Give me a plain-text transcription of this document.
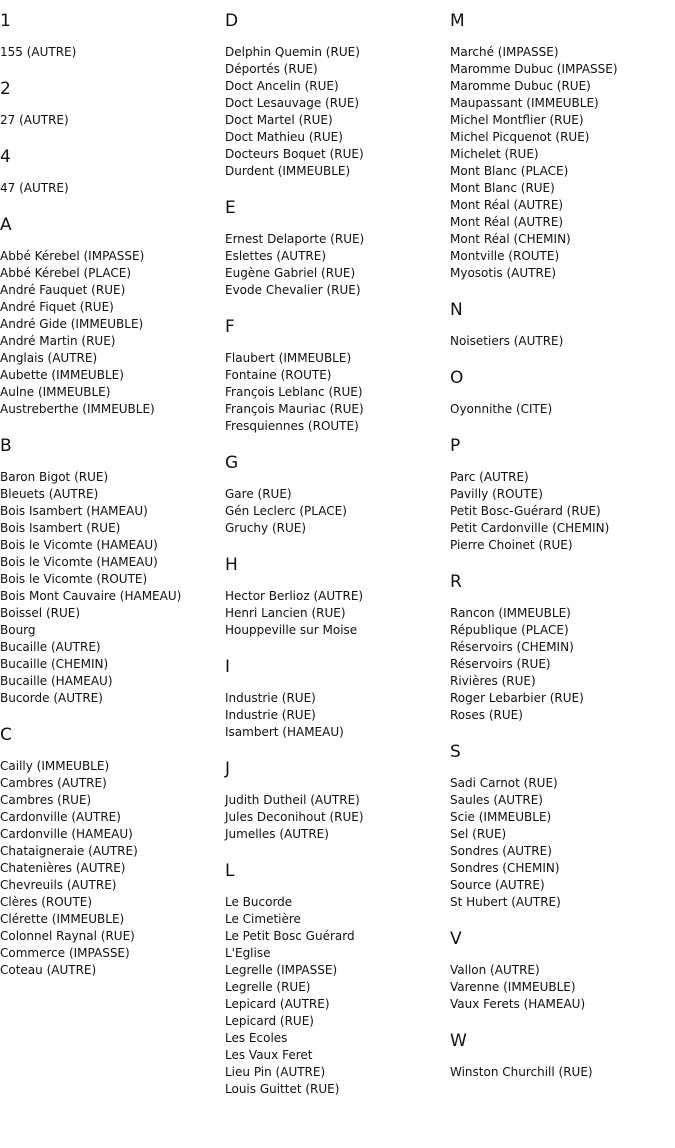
1
155 (AUTRE)
2
27 (AUTRE)
4
47 (AUTRE)
A
Abbé Kérebel (IMPASSE)
Abbé Kérebel (PLACE)
André Fauquet (RUE)
André Fiquet (RUE)
André Gide (IMMEUBLE)
André Martin (RUE)
Anglais (AUTRE)
Aubette (IMMEUBLE)
Aulne (IMMEUBLE)
Austreberthe (IMMEUBLE)
B
Baron Bigot (RUE)
Bleuets (AUTRE)
Bois Isambert (HAMEAU)
Bois Isambert (RUE)
Bois le Vicomte (HAMEAU)
Bois le Vicomte (HAMEAU)
Bois le Vicomte (ROUTE)
Bois Mont Cauvaire (HAMEAU)
Boissel (RUE)
Bourg
Bucaille (AUTRE)
Bucaille (CHEMIN)
Bucaille (HAMEAU)
Bucorde (AUTRE)
C
Cailly (IMMEUBLE)
Cambres (AUTRE)
Cambres (RUE)
Cardonville (AUTRE)
Cardonville (HAMEAU)
Chataigneraie (AUTRE)
Chatenières (AUTRE)
Chevreuils (AUTRE)
Clères (ROUTE)
Clérette (IMMEUBLE)
Colonnel Raynal (RUE)
Commerce (IMPASSE)
Coteau (AUTRE)
D
Delphin Quemin (RUE)
Déportés (RUE)
Doct Ancelin (RUE)
Doct Lesauvage (RUE)
Doct Martel (RUE)
Doct Mathieu (RUE)
Docteurs Boquet (RUE)
Durdent (IMMEUBLE)
E
Ernest Delaporte (RUE)
Eslettes (AUTRE)
Eugène Gabriel (RUE)
Evode Chevalier (RUE)
F
Flaubert (IMMEUBLE)
Fontaine (ROUTE)
François Leblanc (RUE)
François Mauriac (RUE)
Fresquiennes (ROUTE)
G
Gare (RUE)
Gén Leclerc (PLACE)
Gruchy (RUE)
H
Hector Berlioz (AUTRE)
Henri Lancien (RUE)
Houppeville sur Moise
I
Industrie (RUE)
Industrie (RUE)
Isambert (HAMEAU)
J
Judith Dutheil (AUTRE)
Jules Deconihout (RUE)
Jumelles (AUTRE)
L
Le Bucorde
Le Cimetière
Le Petit Bosc Guérard
L'Eglise
Legrelle (IMPASSE)
Legrelle (RUE)
Lepicard (AUTRE)
Lepicard (RUE)
Les Ecoles
Les Vaux Feret
Lieu Pin (AUTRE)
Louis Guittet (RUE)
M
Marché (IMPASSE)
Maromme Dubuc (IMPASSE)
Maromme Dubuc (RUE)
Maupassant (IMMEUBLE)
Michel Montflier (RUE)
Michel Picquenot (RUE)
Michelet (RUE)
Mont Blanc (PLACE)
Mont Blanc (RUE)
Mont Réal (AUTRE)
Mont Réal (AUTRE)
Mont Réal (CHEMIN)
Montville (ROUTE)
Myosotis (AUTRE)
N
Noisetiers (AUTRE)
O
Oyonnithe (CITE)
P
Parc (AUTRE)
Pavilly (ROUTE)
Petit Bosc-Guérard (RUE)
Petit Cardonville (CHEMIN)
Pierre Choinet (RUE)
R
Rancon (IMMEUBLE)
République (PLACE)
Réservoirs (CHEMIN)
Réservoirs (RUE)
Rivières (RUE)
Roger Lebarbier (RUE)
Roses (RUE)
S
Sadi Carnot (RUE)
Saules (AUTRE)
Scie (IMMEUBLE)
Sel (RUE)
Sondres (AUTRE)
Sondres (CHEMIN)
Source (AUTRE)
St Hubert (AUTRE)
V
Vallon (AUTRE)
Varenne (IMMEUBLE)
Vaux Ferets (HAMEAU)
W
Winston Churchill (RUE)
